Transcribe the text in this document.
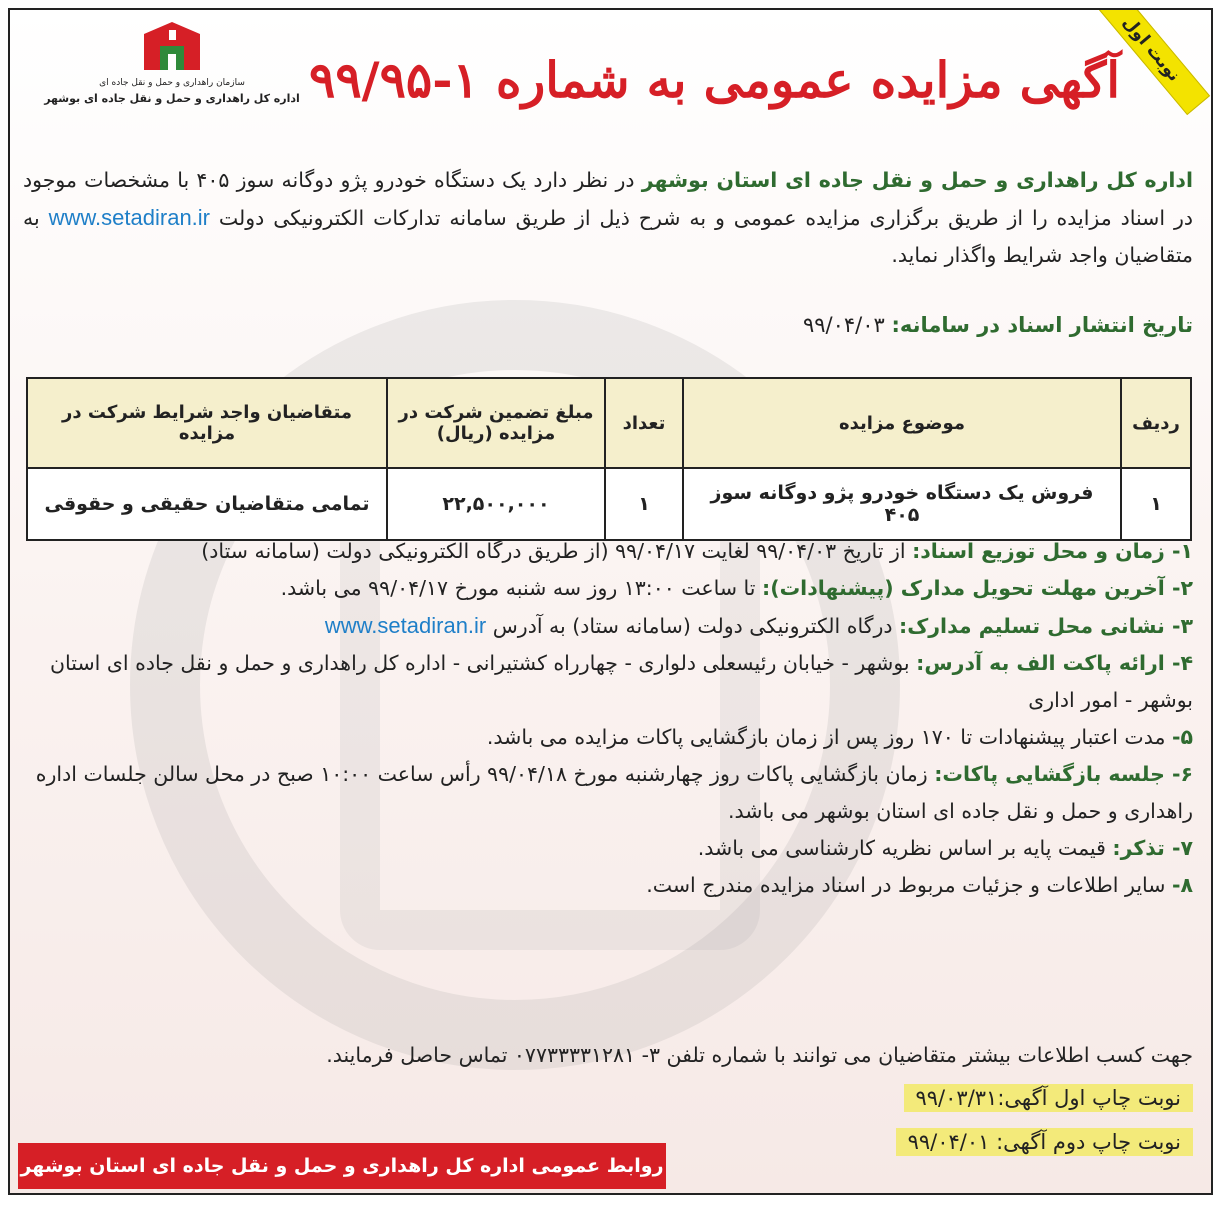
نوبت اول
سازمان راهداری و حمل و نقل جاده ای
اداره کل راهداری و حمل و نقل جاده ای بوشهر آگهی مزایده عمومی به شماره ۱-۹۹/۹۵
اداره کل راهداری و حمل و نقل جاده ای استان بوشهر در نظر دارد یک دستگاه خودرو پژو دوگانه سوز ۴۰۵ با مشخصات موجود در اسناد مزایده را از طریق برگزاری مزایده عمومی و به شرح ذیل از طریق سامانه تدارکات الکترونیکی دولت www.setadiran.ir به متقاضیان واجد شرایط واگذار نماید.
تاریخ انتشار اسناد در سامانه: ۹۹/۰۴/۰۳
ردیف	موضوع مزایده	تعداد	مبلغ تضمین شرکت در مزایده (ریال)	متقاضیان واجد شرایط شرکت در مزایده
۱	فروش یک دستگاه خودرو پژو دوگانه سوز ۴۰۵	۱	۲۲,۵۰۰,۰۰۰	تمامی متقاضیان حقیقی و حقوقی

۱- زمان و محل توزیع اسناد: از تاریخ ۹۹/۰۴/۰۳ لغایت ۹۹/۰۴/۱۷ (از طریق درگاه الکترونیکی دولت (سامانه ستاد)

۲- آخرین مهلت تحویل مدارک (پیشنهادات): تا ساعت ۱۳:۰۰ روز سه شنبه مورخ ۹۹/۰۴/۱۷ می باشد.

۳- نشانی محل تسلیم مدارک: درگاه الکترونیکی دولت (سامانه ستاد) به آدرس www.setadiran.ir

۴- ارائه پاکت الف به آدرس: بوشهر - خیابان رئیسعلی دلواری - چهارراه کشتیرانی - اداره کل راهداری و حمل و نقل جاده ای استان بوشهر - امور اداری

۵- مدت اعتبار پیشنهادات تا ۱۷۰ روز پس از زمان بازگشایی پاکات مزایده می باشد.

۶- جلسه بازگشایی پاکات: زمان بازگشایی پاکات روز چهارشنبه مورخ ۹۹/۰۴/۱۸ رأس ساعت ۱۰:۰۰ صبح در محل سالن جلسات اداره راهداری و حمل و نقل جاده ای استان بوشهر می باشد.

۷- تذکر: قیمت پایه بر اساس نظریه کارشناسی می باشد.

۸- سایر اطلاعات و جزئیات مربوط در اسناد مزایده مندرج است.

جهت کسب اطلاعات بیشتر متقاضیان می توانند با شماره تلفن ۳- ۰۷۷۳۳۳۳۱۲۸۱ تماس حاصل فرمایند.
نوبت چاپ اول آگهی:۹۹/۰۳/۳۱
نوبت چاپ دوم آگهی: ۹۹/۰۴/۰۱
روابط عمومی اداره کل راهداری و حمل و نقل جاده ای استان بوشهر
